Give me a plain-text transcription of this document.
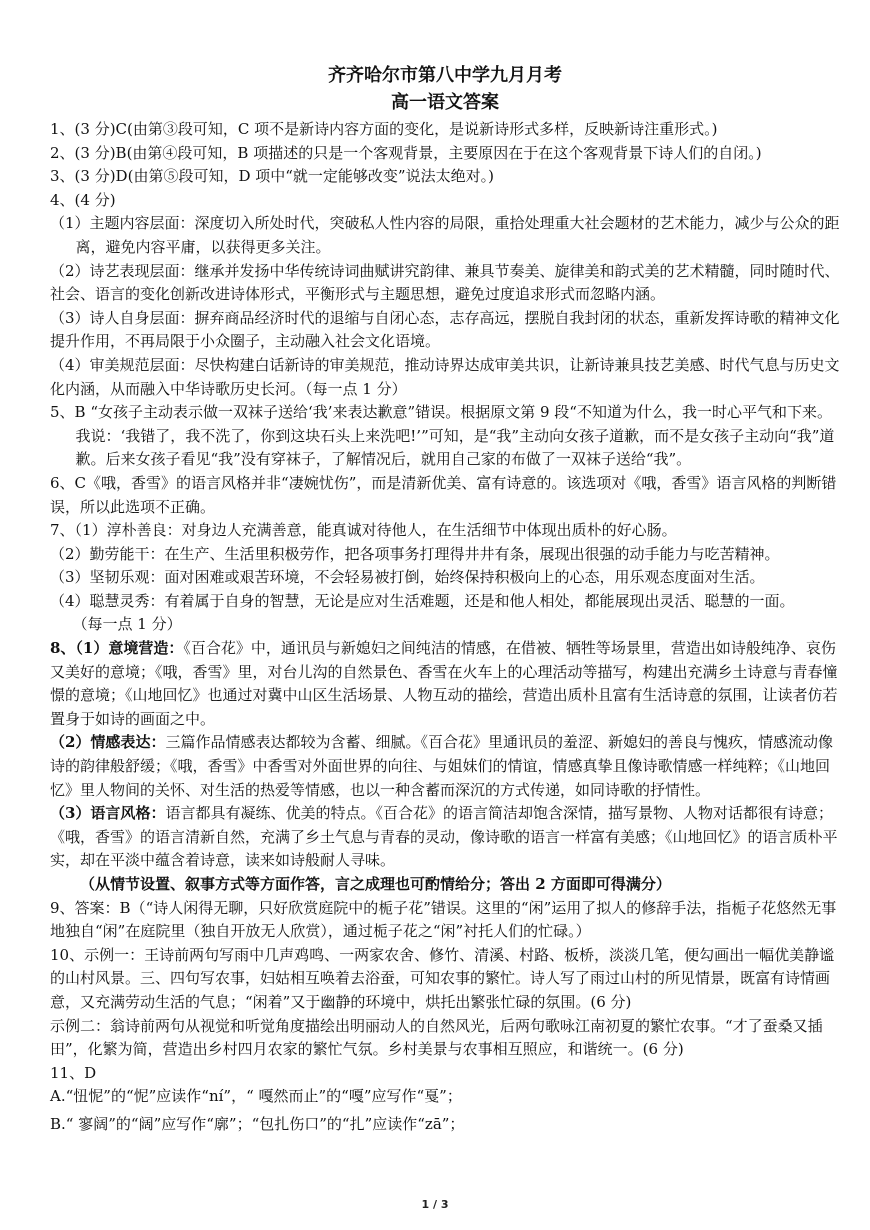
齐齐哈尔市第八中学九月月考

高一语文答案

1、(3 分)C(由第③段可知，C 项不是新诗内容方面的变化，是说新诗形式多样，反映新诗注重形式。)

2、(3 分)B(由第④段可知，B 项描述的只是一个客观背景，主要原因在于在这个客观背景下诗人们的自闭。)

3、(3 分)D(由第⑤段可知，D 项中“就一定能够改变”说法太绝对。)

4、(4 分)

（1）主题内容层面：深度切入所处时代，突破私人性内容的局限，重拾处理重大社会题材的艺术能力，减少与公众的距离，避免内容平庸，以获得更多关注。

（2）诗艺表现层面：继承并发扬中华传统诗词曲赋讲究韵律、兼具节奏美、旋律美和韵式美的艺术精髓，同时随时代、社会、语言的变化创新改进诗体形式，平衡形式与主题思想，避免过度追求形式而忽略内涵。

（3）诗人自身层面：摒弃商品经济时代的退缩与自闭心态，志存高远，摆脱自我封闭的状态，重新发挥诗歌的精神文化提升作用，不再局限于小众圈子，主动融入社会文化语境。

（4）审美规范层面：尽快构建白话新诗的审美规范，推动诗界达成审美共识，让新诗兼具技艺美感、时代气息与历史文化内涵，从而融入中华诗歌历史长河。（每一点 1 分）

5、B “女孩子主动表示做一双袜子送给‘我’来表达歉意”错误。根据原文第 9 段“不知道为什么，我一时心平气和下来。我说：‘我错了，我不洗了，你到这块石头上来洗吧!’”可知，是“我”主动向女孩子道歉，而不是女孩子主动向“我”道歉。后来女孩子看见“我”没有穿袜子，了解情况后，就用自己家的布做了一双袜子送给“我”。

6、C《哦，香雪》的语言风格并非“凄婉忧伤”，而是清新优美、富有诗意的。该选项对《哦，香雪》语言风格的判断错误，所以此选项不正确。

7、（1）淳朴善良：对身边人充满善意，能真诚对待他人，在生活细节中体现出质朴的好心肠。

（2）勤劳能干：在生产、生活里积极劳作，把各项事务打理得井井有条，展现出很强的动手能力与吃苦精神。

（3）坚韧乐观：面对困难或艰苦环境，不会轻易被打倒，始终保持积极向上的心态，用乐观态度面对生活。

（4）聪慧灵秀：有着属于自身的智慧，无论是应对生活难题，还是和他人相处，都能展现出灵活、聪慧的一面。

（每一点 1 分）

8、（1）意境营造：《百合花》中，通讯员与新媳妇之间纯洁的情感，在借被、牺牲等场景里，营造出如诗般纯净、哀伤又美好的意境；《哦，香雪》里，对台儿沟的自然景色、香雪在火车上的心理活动等描写，构建出充满乡土诗意与青春憧憬的意境；《山地回忆》也通过对冀中山区生活场景、人物互动的描绘，营造出质朴且富有生活诗意的氛围，让读者仿若置身于如诗的画面之中。

（2）情感表达：三篇作品情感表达都较为含蓄、细腻。《百合花》里通讯员的羞涩、新媳妇的善良与愧疚，情感流动像诗的韵律般舒缓；《哦，香雪》中香雪对外面世界的向往、与姐妹们的情谊，情感真挚且像诗歌情感一样纯粹；《山地回忆》里人物间的关怀、对生活的热爱等情感，也以一种含蓄而深沉的方式传递，如同诗歌的抒情性。

（3）语言风格：语言都具有凝练、优美的特点。《百合花》的语言简洁却饱含深情，描写景物、人物对话都很有诗意；《哦，香雪》的语言清新自然，充满了乡土气息与青春的灵动，像诗歌的语言一样富有美感；《山地回忆》的语言质朴平实，却在平淡中蕴含着诗意，读来如诗般耐人寻味。

（从情节设置、叙事方式等方面作答，言之成理也可酌情给分；答出 2 方面即可得满分）

9、答案：B（“诗人闲得无聊，只好欣赏庭院中的栀子花”错误。这里的“闲”运用了拟人的修辞手法，指栀子花悠然无事地独自“闲”在庭院里（独自开放无人欣赏），通过栀子花之“闲”衬托人们的忙碌。）

10、示例一：王诗前两句写雨中几声鸡鸣、一两家农舍、修竹、清溪、村路、板桥，淡淡几笔，便勾画出一幅优美静谧的山村风景。三、四句写农事，妇姑相互唤着去浴蚕，可知农事的繁忙。诗人写了雨过山村的所见情景，既富有诗情画意，又充满劳动生活的气息；“闲着”又于幽静的环境中，烘托出繁张忙碌的氛围。(6 分)

示例二：翁诗前两句从视觉和听觉角度描绘出明丽动人的自然风光，后两句歌咏江南初夏的繁忙农事。“才了蚕桑又插田”，化繁为简，营造出乡村四月农家的繁忙气氛。乡村美景与农事相互照应，和谐统一。(6 分)

11、D

A.“忸怩”的“怩”应读作“ní”，“ 嘎然而止”的“嘎”应写作“戛”；

B.“ 寥阔”的“阔”应写作“廓”；“包扎伤口”的“扎”应读作“zā”；

1 / 3
